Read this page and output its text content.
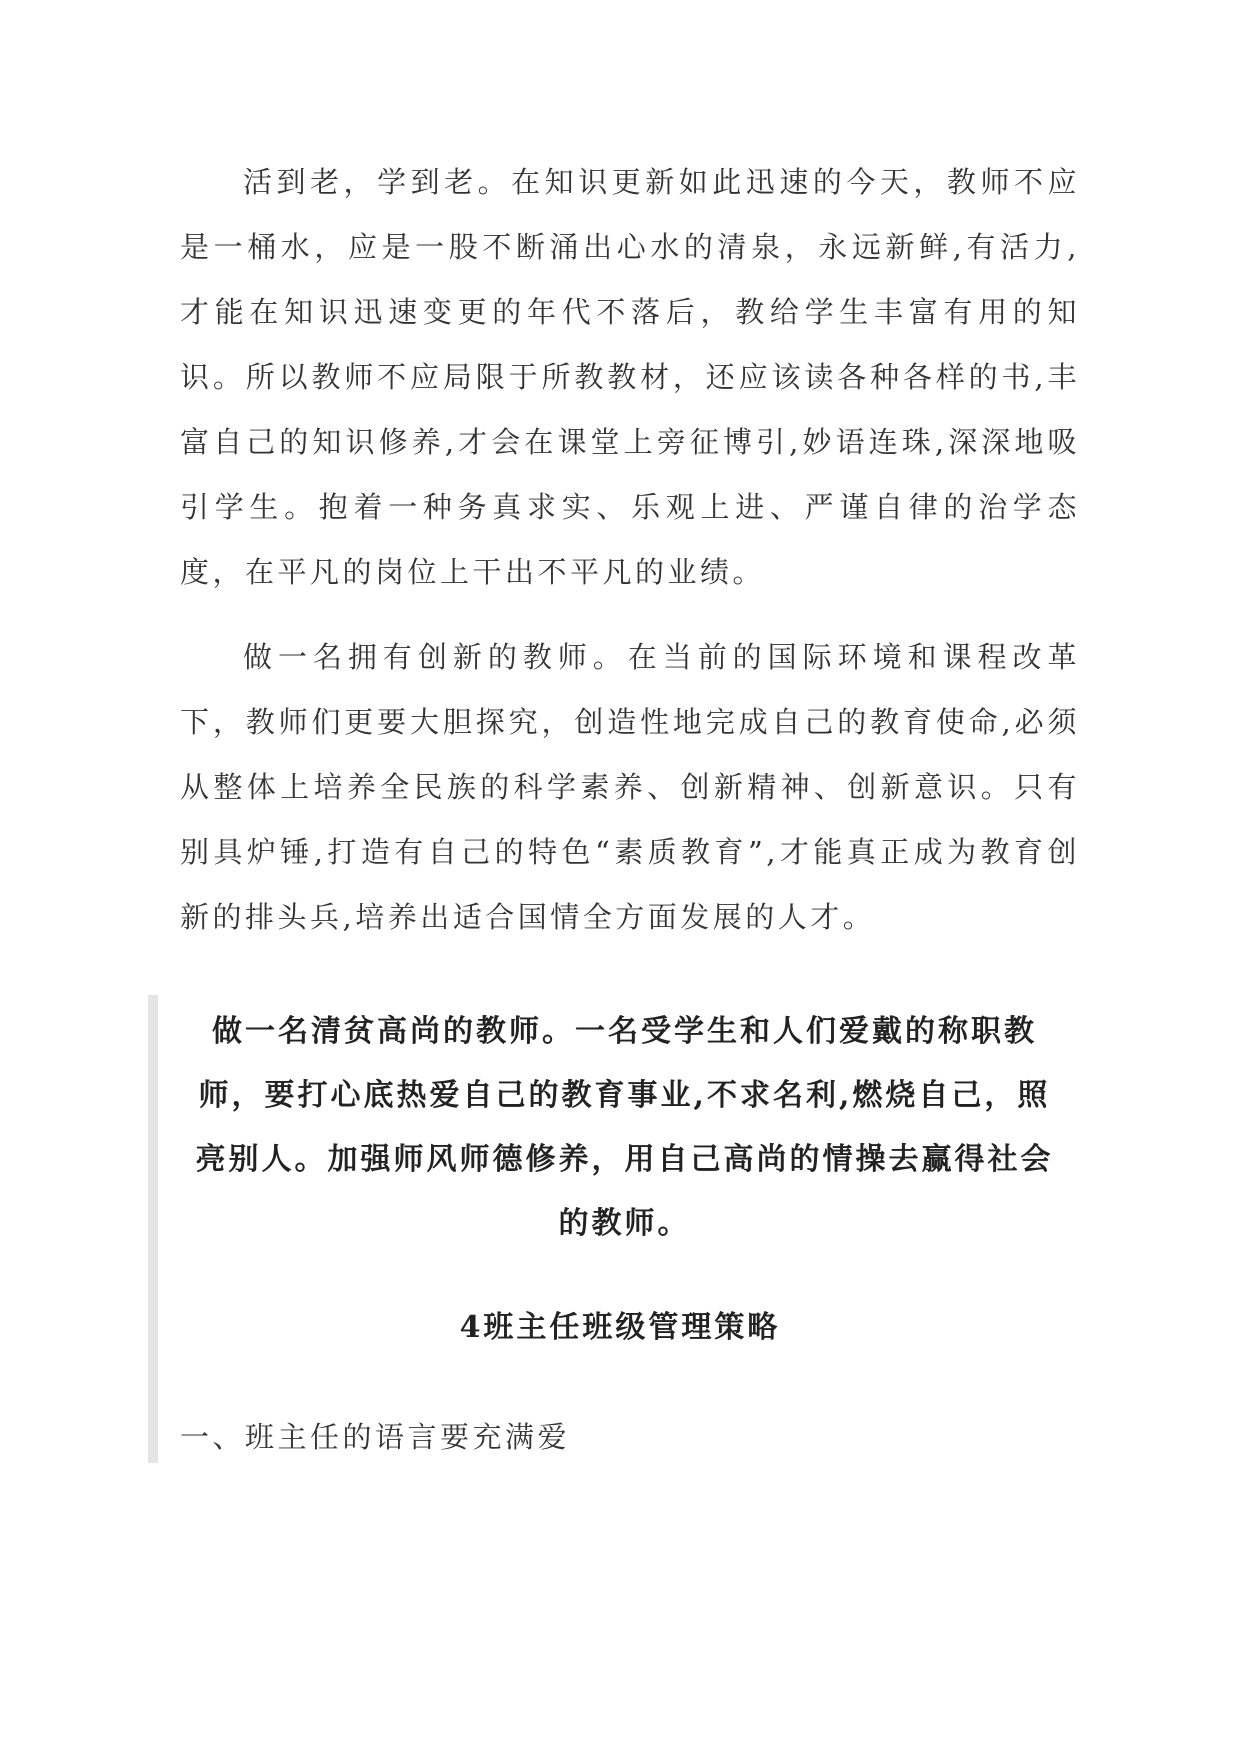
活到老，学到老。在知识更新如此迅速的今天，教师不应是一桶水，应是一股不断涌出心水的清泉，永远新鲜,有活力,才能在知识迅速变更的年代不落后，教给学生丰富有用的知识。所以教师不应局限于所教教材，还应该读各种各样的书,丰富自己的知识修养,才会在课堂上旁征博引,妙语连珠,深深地吸引学生。抱着一种务真求实、乐观上进、严谨自律的治学态度，在平凡的岗位上干出不平凡的业绩。

做一名拥有创新的教师。在当前的国际环境和课程改革下，教师们更要大胆探究，创造性地完成自己的教育使命,必须从整体上培养全民族的科学素养、创新精神、创新意识。只有别具炉锤,打造有自己的特色“素质教育”,才能真正成为教育创新的排头兵,培养出适合国情全方面发展的人才。

做一名清贫高尚的教师。一名受学生和人们爱戴的称职教师，要打心底热爱自己的教育事业,不求名利,燃烧自己，照亮别人。加强师风师德修养，用自己高尚的情操去赢得社会的教师。

4班主任班级管理策略

一、班主任的语言要充满爱
